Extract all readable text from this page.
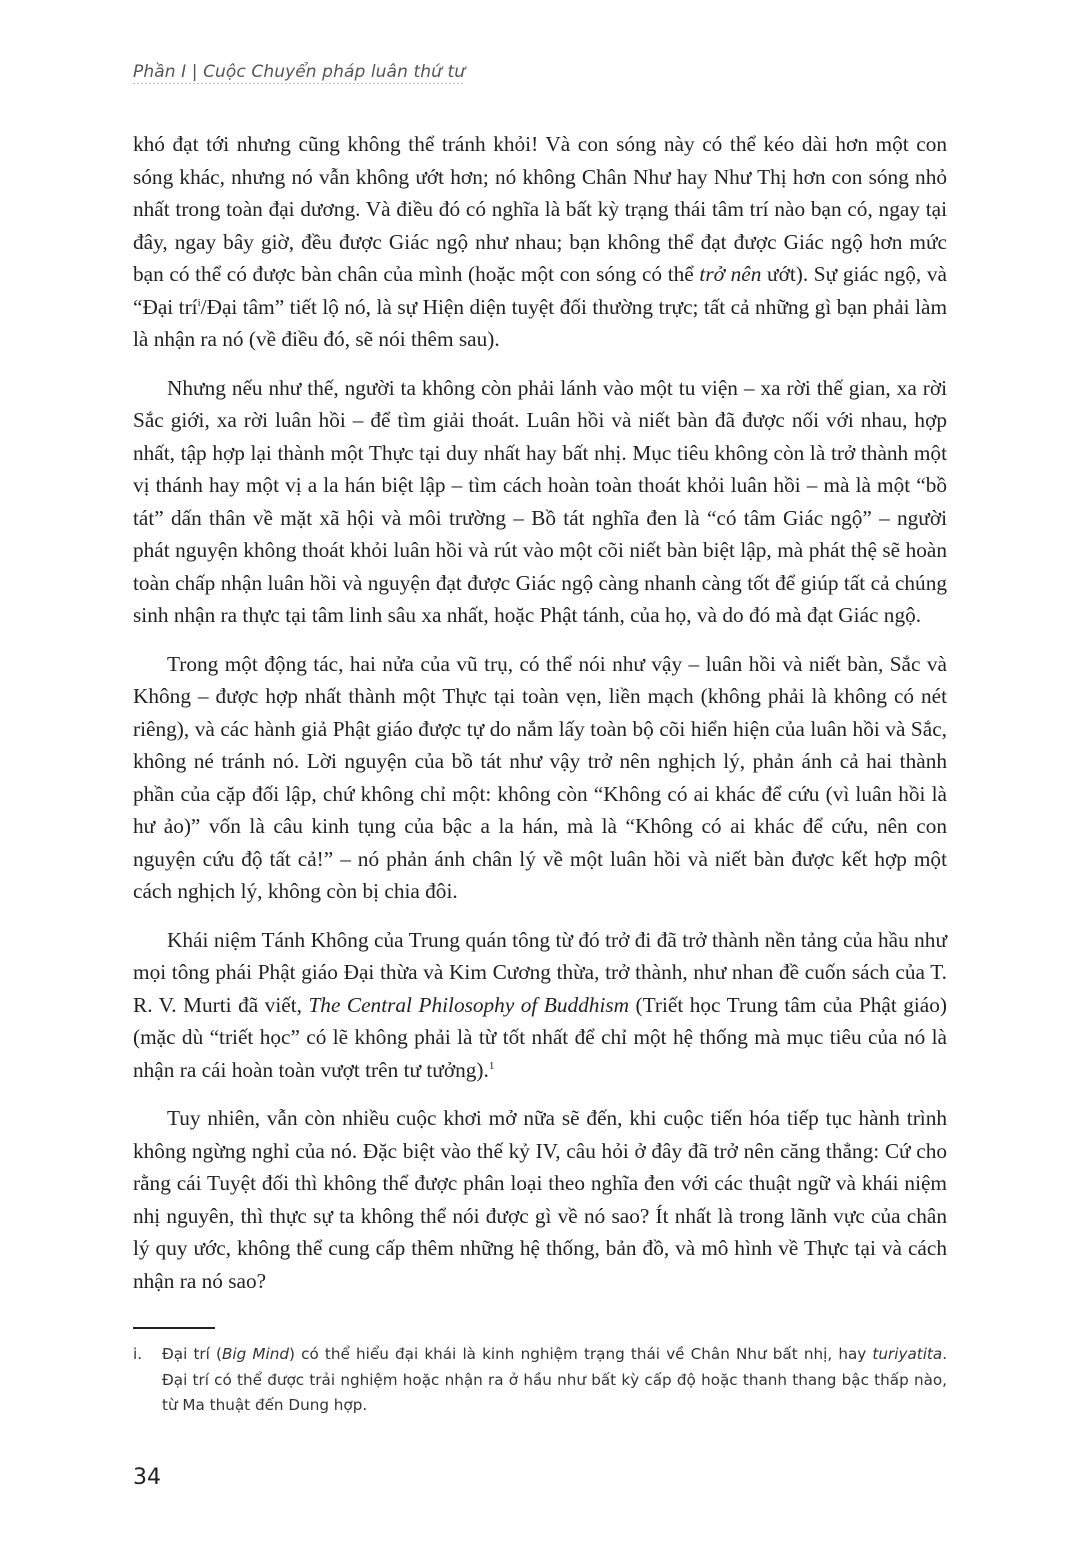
Phần I | Cuộc Chuyển pháp luân thứ tư

khó đạt tới nhưng cũng không thể tránh khỏi! Và con sóng này có thể kéo dài hơn một con sóng khác, nhưng nó vẫn không ướt hơn; nó không Chân Như hay Như Thị hơn con sóng nhỏ nhất trong toàn đại dương. Và điều đó có nghĩa là bất kỳ trạng thái tâm trí nào bạn có, ngay tại đây, ngay bây giờ, đều được Giác ngộ như nhau; bạn không thể đạt được Giác ngộ hơn mức bạn có thể có được bàn chân của mình (hoặc một con sóng có thể trở nên ướt). Sự giác ngộ, và “Đại trí$^i$/Đại tâm” tiết lộ nó, là sự Hiện diện tuyệt đối thường trực; tất cả những gì bạn phải làm là nhận ra nó (về điều đó, sẽ nói thêm sau).

Nhưng nếu như thế, người ta không còn phải lánh vào một tu viện – xa rời thế gian, xa rời Sắc giới, xa rời luân hồi – để tìm giải thoát. Luân hồi và niết bàn đã được nối với nhau, hợp nhất, tập hợp lại thành một Thực tại duy nhất hay bất nhị. Mục tiêu không còn là trở thành một vị thánh hay một vị a la hán biệt lập – tìm cách hoàn toàn thoát khỏi luân hồi – mà là một “bồ tát” dấn thân về mặt xã hội và môi trường – Bồ tát nghĩa đen là “có tâm Giác ngộ” – người phát nguyện không thoát khỏi luân hồi và rút vào một cõi niết bàn biệt lập, mà phát thệ sẽ hoàn toàn chấp nhận luân hồi và nguyện đạt được Giác ngộ càng nhanh càng tốt để giúp tất cả chúng sinh nhận ra thực tại tâm linh sâu xa nhất, hoặc Phật tánh, của họ, và do đó mà đạt Giác ngộ.

Trong một động tác, hai nửa của vũ trụ, có thể nói như vậy – luân hồi và niết bàn, Sắc và Không – được hợp nhất thành một Thực tại toàn vẹn, liền mạch (không phải là không có nét riêng), và các hành giả Phật giáo được tự do nắm lấy toàn bộ cõi hiển hiện của luân hồi và Sắc, không né tránh nó. Lời nguyện của bồ tát như vậy trở nên nghịch lý, phản ánh cả hai thành phần của cặp đối lập, chứ không chỉ một: không còn “Không có ai khác để cứu (vì luân hồi là hư ảo)” vốn là câu kinh tụng của bậc a la hán, mà là “Không có ai khác để cứu, nên con nguyện cứu độ tất cả!” – nó phản ánh chân lý về một luân hồi và niết bàn được kết hợp một cách nghịch lý, không còn bị chia đôi.

Khái niệm Tánh Không của Trung quán tông từ đó trở đi đã trở thành nền tảng của hầu như mọi tông phái Phật giáo Đại thừa và Kim Cương thừa, trở thành, như nhan đề cuốn sách của T. R. V. Murti đã viết, The Central Philosophy of Buddhism (Triết học Trung tâm của Phật giáo) (mặc dù “triết học” có lẽ không phải là từ tốt nhất để chỉ một hệ thống mà mục tiêu của nó là nhận ra cái hoàn toàn vượt trên tư tưởng).$^1$

Tuy nhiên, vẫn còn nhiều cuộc khơi mở nữa sẽ đến, khi cuộc tiến hóa tiếp tục hành trình không ngừng nghỉ của nó. Đặc biệt vào thế kỷ IV, câu hỏi ở đây đã trở nên căng thẳng: Cứ cho rằng cái Tuyệt đối thì không thể được phân loại theo nghĩa đen với các thuật ngữ và khái niệm nhị nguyên, thì thực sự ta không thể nói được gì về nó sao? Ít nhất là trong lãnh vực của chân lý quy ước, không thể cung cấp thêm những hệ thống, bản đồ, và mô hình về Thực tại và cách nhận ra nó sao?

i. Đại trí (Big Mind) có thể hiểu đại khái là kinh nghiệm trạng thái về Chân Như bất nhị, hay turiyatita. Đại trí có thể được trải nghiệm hoặc nhận ra ở hầu như bất kỳ cấp độ hoặc thanh thang bậc thấp nào, từ Ma thuật đến Dung hợp.
34
